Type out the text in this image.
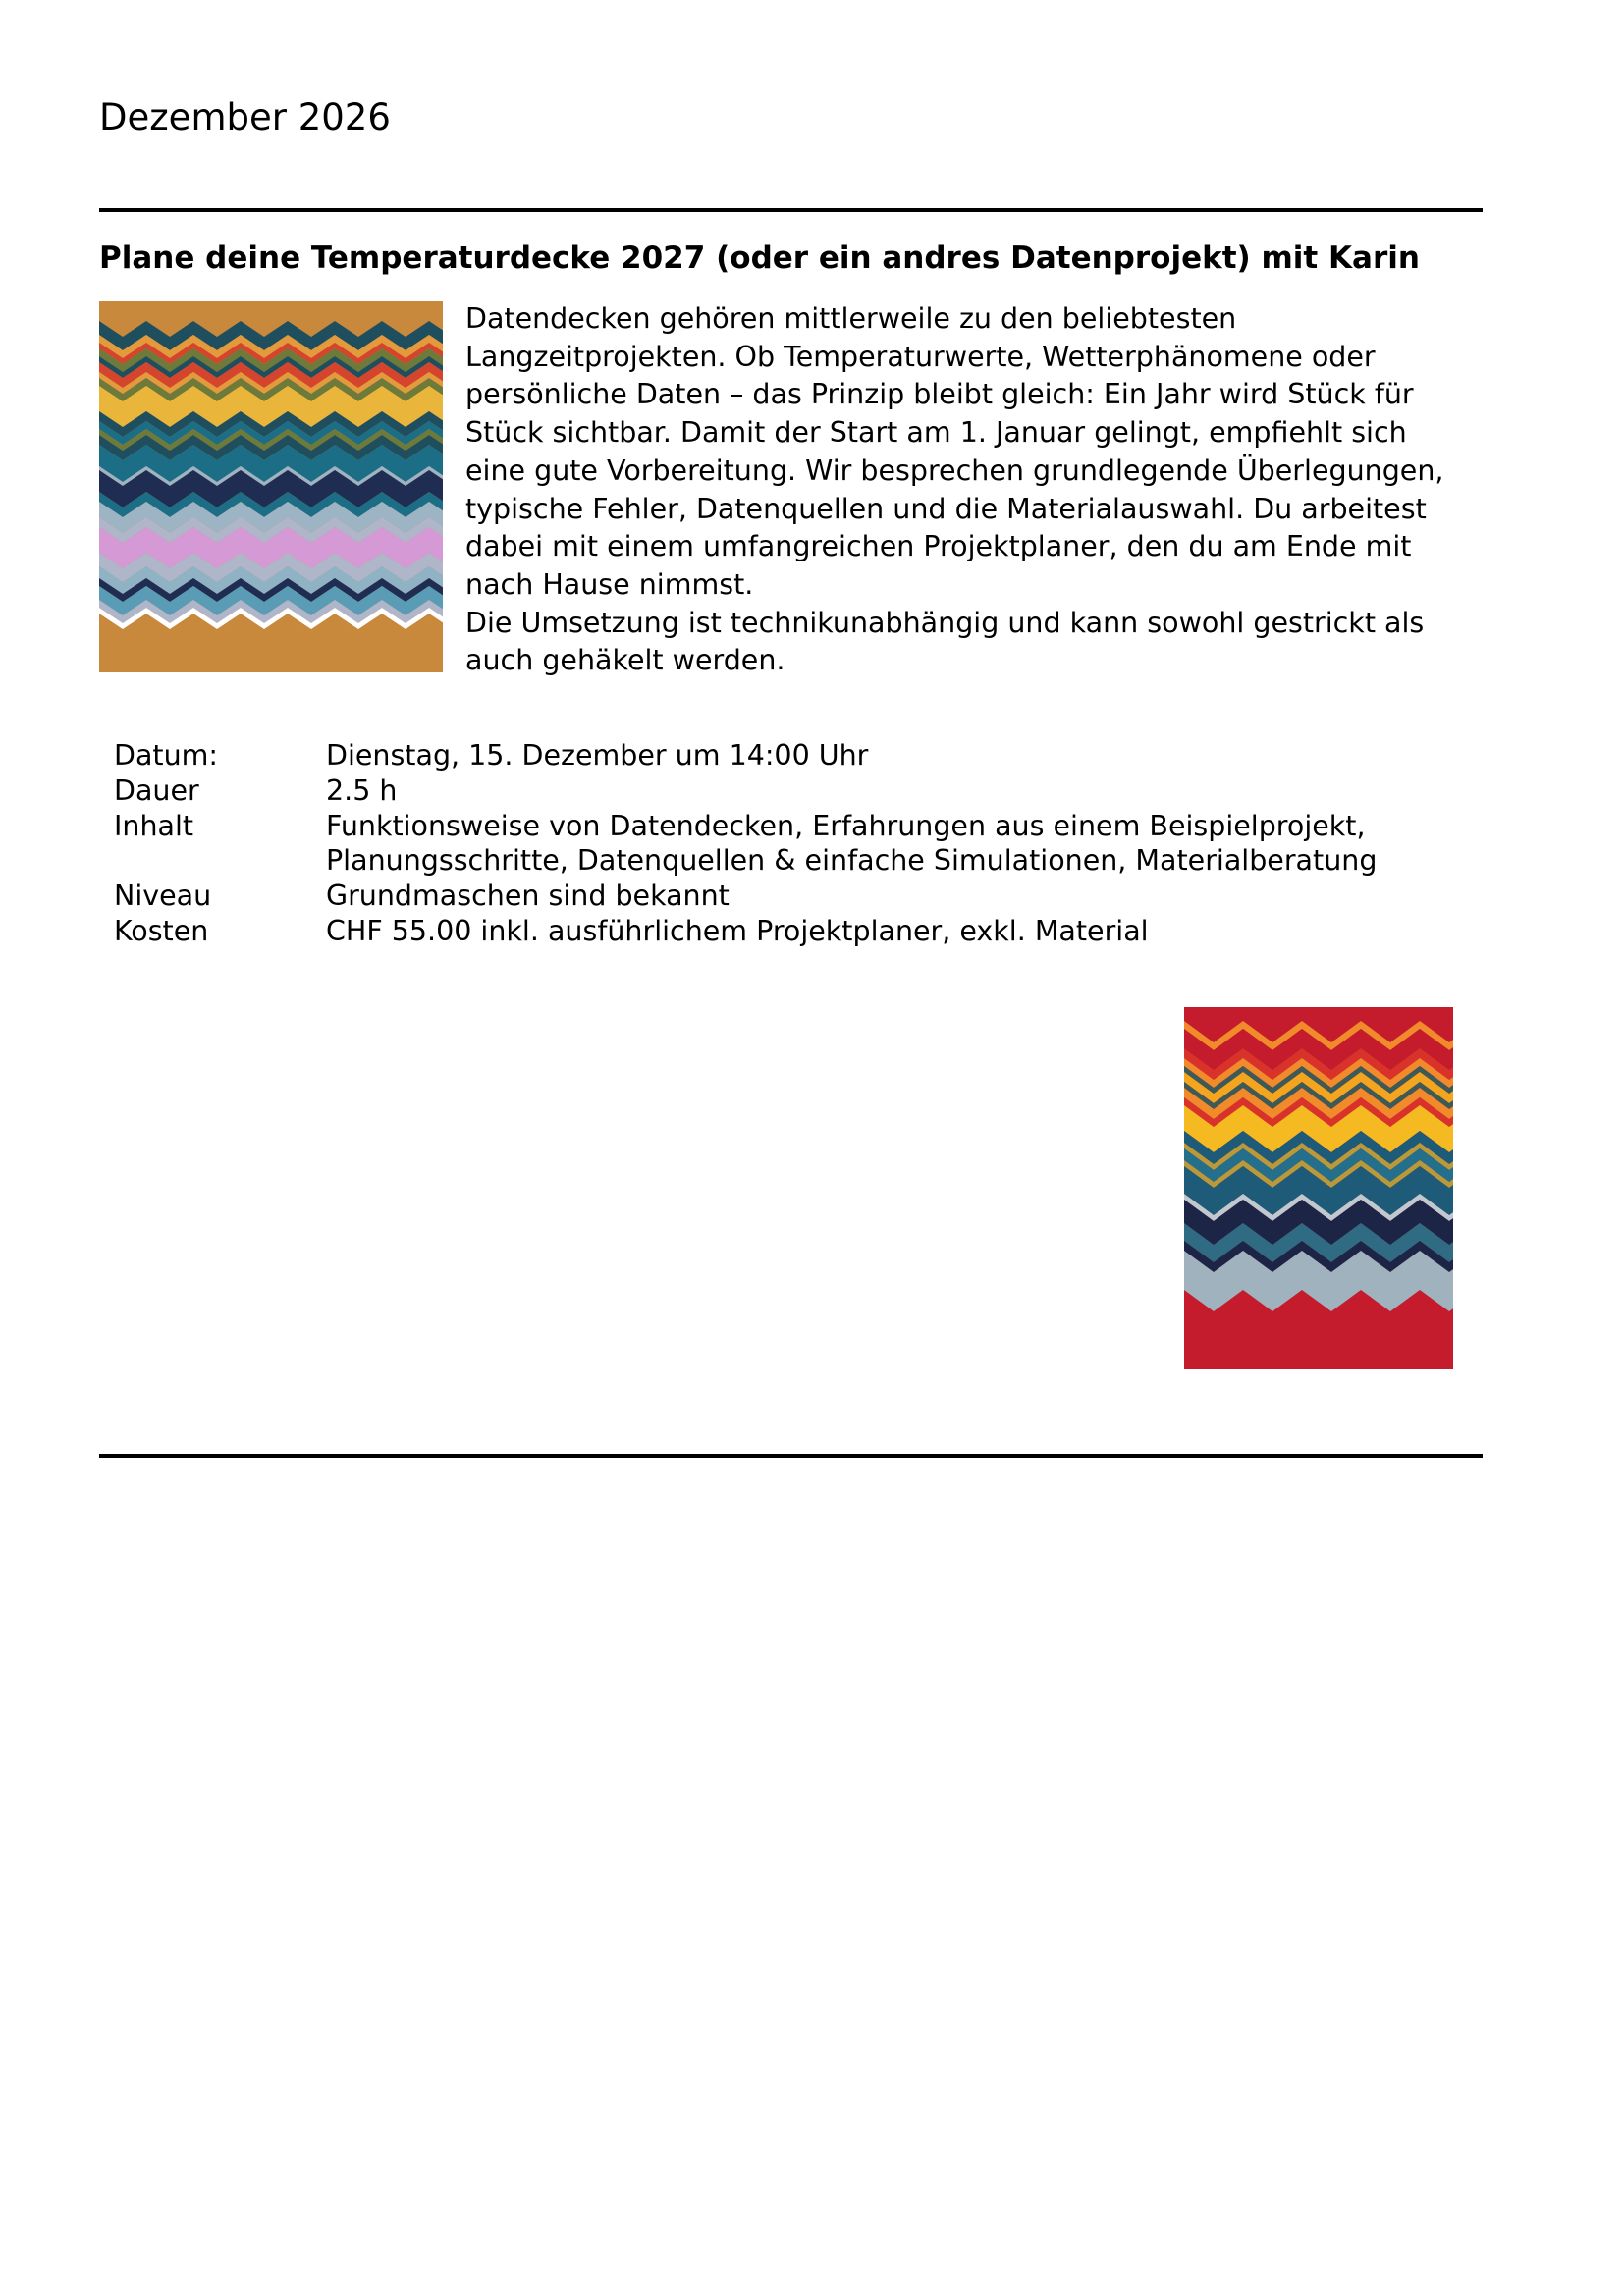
Dezember 2026
Plane deine Temperaturdecke 2027 (oder ein andres Datenprojekt) mit Karin

Datendecken gehören mittlerweile zu den beliebtesten

Langzeitprojekten. Ob Temperaturwerte, Wetterphänomene oder

persönliche Daten – das Prinzip bleibt gleich: Ein Jahr wird Stück für

Stück sichtbar. Damit der Start am 1. Januar gelingt, empfiehlt sich

eine gute Vorbereitung. Wir besprechen grundlegende Überlegungen,

typische Fehler, Datenquellen und die Materialauswahl. Du arbeitest

dabei mit einem umfangreichen Projektplaner, den du am Ende mit

nach Hause nimmst.

Die Umsetzung ist technikunabhängig und kann sowohl gestrickt als

auch gehäkelt werden.

Datum:	Dienstag, 15. Dezember um 14:00 Uhr
Dauer	2.5 h
Inhalt	Funktionsweise von Datendecken, Erfahrungen aus einem Beispielprojekt,
Planungsschritte, Datenquellen & einfache Simulationen, Materialberatung
Niveau	Grundmaschen sind bekannt
Kosten	CHF 55.00 inkl. ausführlichem Projektplaner, exkl. Material
